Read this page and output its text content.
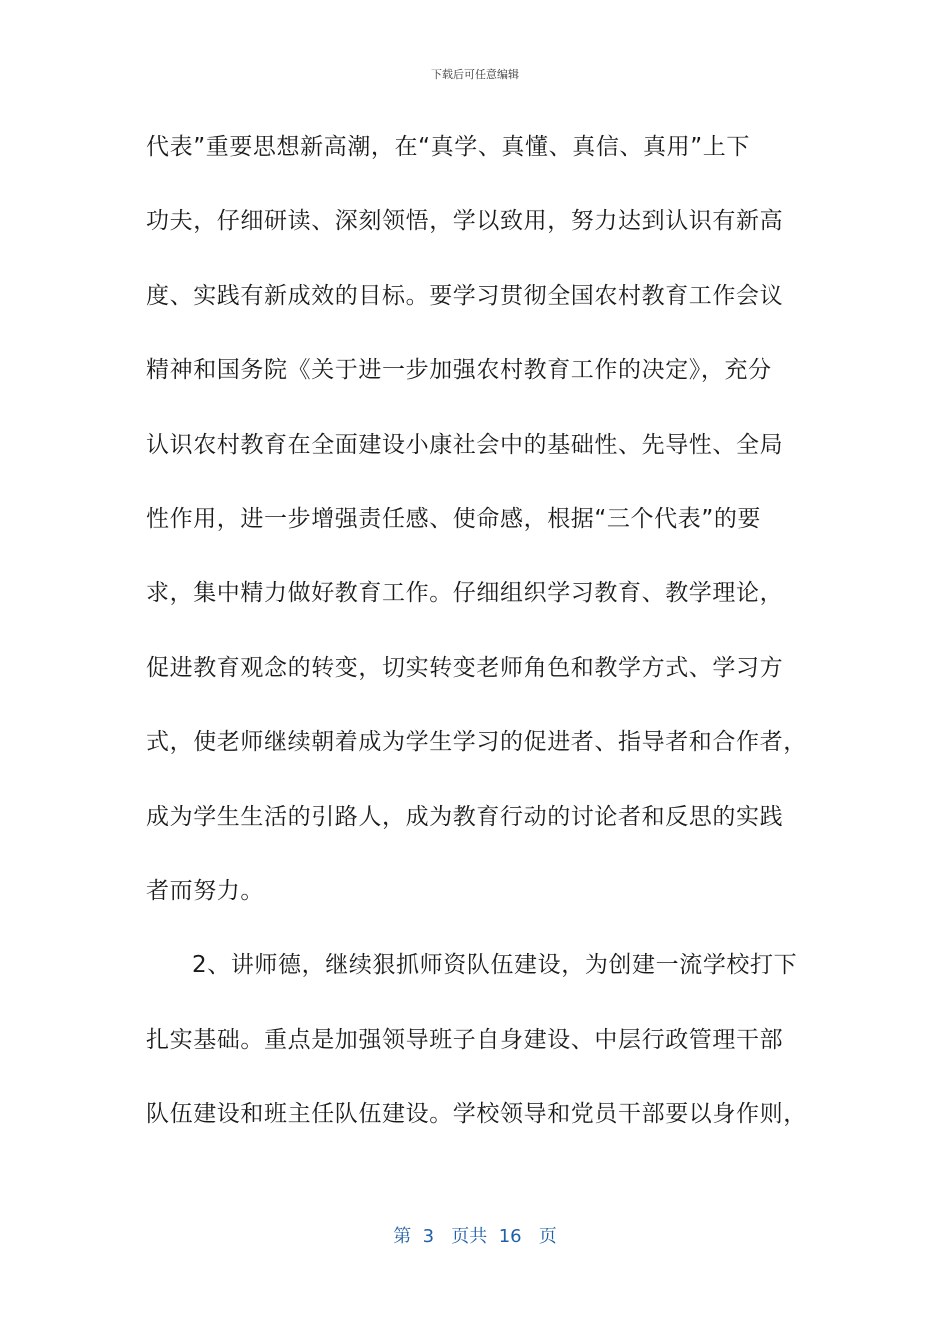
下载后可任意编辑
代表”重要思想新高潮，在“真学、真懂、真信、真用”上下
功夫，仔细研读、深刻领悟，学以致用，努力达到认识有新高
度、实践有新成效的目标。要学习贯彻全国农村教育工作会议
精神和国务院《关于进一步加强农村教育工作的决定》，充分
认识农村教育在全面建设小康社会中的基础性、先导性、全局
性作用，进一步增强责任感、使命感，根据“三个代表”的要
求，集中精力做好教育工作。仔细组织学习教育、教学理论，
促进教育观念的转变，切实转变老师角色和教学方式、学习方
式，使老师继续朝着成为学生学习的促进者、指导者和合作者，
成为学生生活的引路人，成为教育行动的讨论者和反思的实践
者而努力。
2、讲师德，继续狠抓师资队伍建设，为创建一流学校打下
扎实基础。重点是加强领导班子自身建设、中层行政管理干部
队伍建设和班主任队伍建设。学校领导和党员干部要以身作则，
第  3   页共  16   页
